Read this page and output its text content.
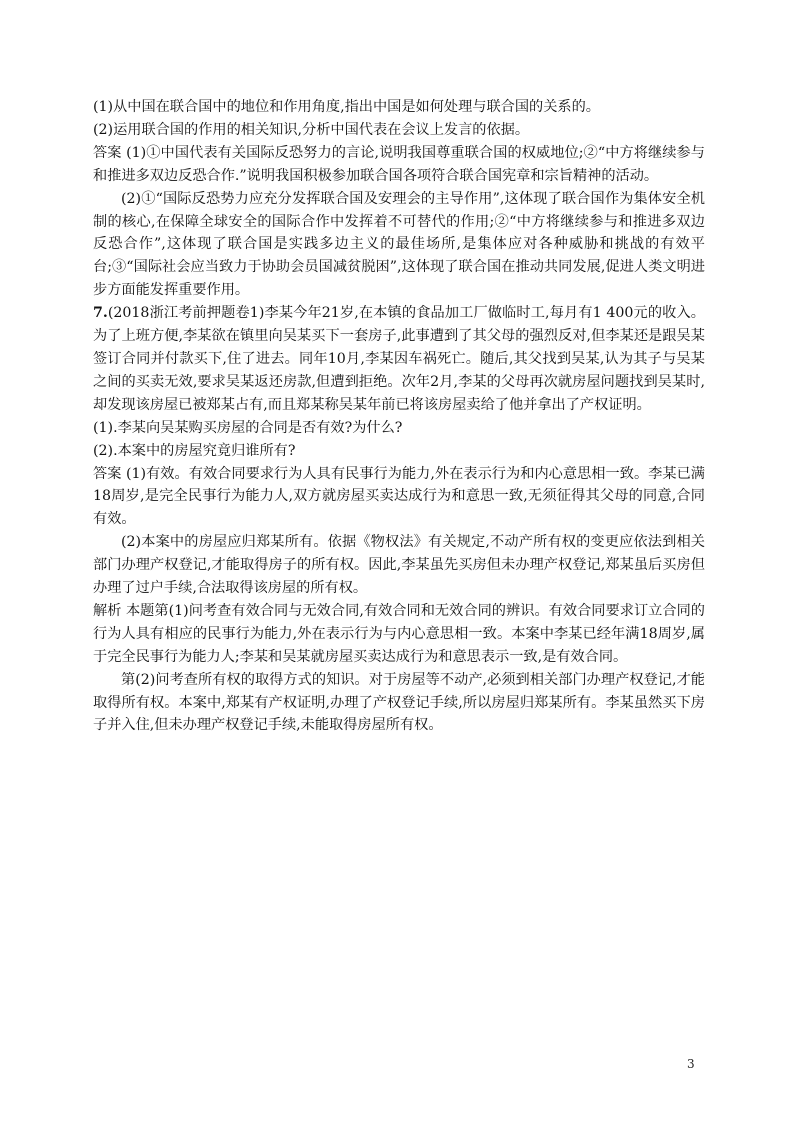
(1)从中国在联合国中的地位和作用角度,指出中国是如何处理与联合国的关系的。

(2)运用联合国的作用的相关知识,分析中国代表在会议上发言的依据。

答案 (1)①中国代表有关国际反恐努力的言论,说明我国尊重联合国的权威地位;②“中方将继续参与和推进多双边反恐合作.”说明我国积极参加联合国各项符合联合国宪章和宗旨精神的活动。

(2)①“国际反恐势力应充分发挥联合国及安理会的主导作用”,这体现了联合国作为集体安全机制的核心,在保障全球安全的国际合作中发挥着不可替代的作用;②“中方将继续参与和推进多双边反恐合作”,这体现了联合国是实践多边主义的最佳场所,是集体应对各种威胁和挑战的有效平台;③“国际社会应当致力于协助会员国减贫脱困”,这体现了联合国在推动共同发展,促进人类文明进步方面能发挥重要作用。

7.(2018浙江考前押题卷1)李某今年21岁,在本镇的食品加工厂做临时工,每月有1 400元的收入。为了上班方便,李某欲在镇里向吴某买下一套房子,此事遭到了其父母的强烈反对,但李某还是跟吴某签订合同并付款买下,住了进去。同年10月,李某因车祸死亡。随后,其父找到吴某,认为其子与吴某之间的买卖无效,要求吴某返还房款,但遭到拒绝。次年2月,李某的父母再次就房屋问题找到吴某时,却发现该房屋已被郑某占有,而且郑某称吴某年前已将该房屋卖给了他并拿出了产权证明。

(1).李某向吴某购买房屋的合同是否有效?为什么?

(2).本案中的房屋究竟归谁所有?

答案 (1)有效。有效合同要求行为人具有民事行为能力,外在表示行为和内心意思相一致。李某已满18周岁,是完全民事行为能力人,双方就房屋买卖达成行为和意思一致,无须征得其父母的同意,合同有效。

(2)本案中的房屋应归郑某所有。依据《物权法》有关规定,不动产所有权的变更应依法到相关部门办理产权登记,才能取得房子的所有权。因此,李某虽先买房但未办理产权登记,郑某虽后买房但办理了过户手续,合法取得该房屋的所有权。

解析 本题第(1)问考查有效合同与无效合同,有效合同和无效合同的辨识。有效合同要求订立合同的行为人具有相应的民事行为能力,外在表示行为与内心意思相一致。本案中李某已经年满18周岁,属于完全民事行为能力人;李某和吴某就房屋买卖达成行为和意思表示一致,是有效合同。

第(2)问考查所有权的取得方式的知识。对于房屋等不动产,必须到相关部门办理产权登记,才能取得所有权。本案中,郑某有产权证明,办理了产权登记手续,所以房屋归郑某所有。李某虽然买下房子并入住,但未办理产权登记手续,未能取得房屋所有权。

3
